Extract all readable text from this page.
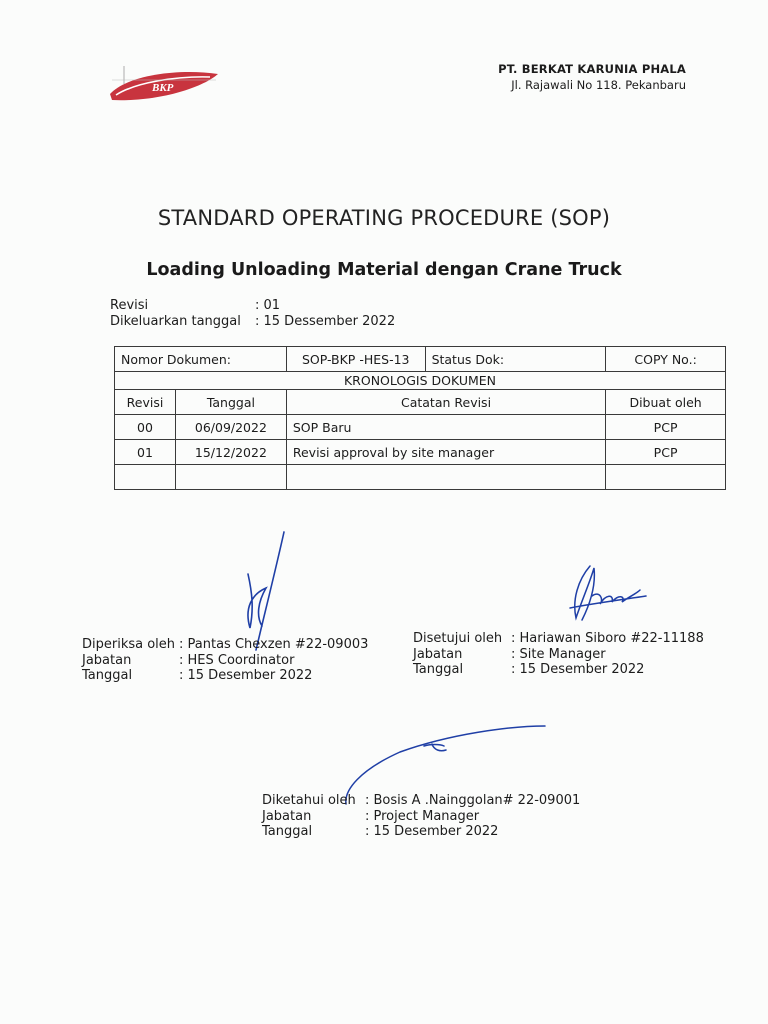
BKP
PT. BERKAT KARUNIA PHALA
Jl. Rajawali No 118. Pekanbaru
STANDARD OPERATING PROCEDURE (SOP)
Loading Unloading Material dengan Crane Truck
Revisi	: 01
Dikeluarkan tanggal	: 15 Dessember 2022
Nomor Dokumen:		SOP-BKP -HES-13	Status Dok:	COPY No.:
KRONOLOGIS DOKUMEN				
Revisi	Tanggal	Catatan Revisi		Dibuat oleh
00	06/09/2022	SOP Baru		PCP
01	15/12/2022	Revisi approval by site manager		PCP

Diperiksa oleh : Pantas Chexzen #22-09003
Jabatan	: HES Coordinator
Tanggal	: 15 Desember 2022
Disetujui oleh : Hariawan Siboro #22-11188
Jabatan	: Site Manager
Tanggal	: 15 Desember 2022
Diketahui oleh : Bosis A .Nainggolan# 22-09001
Jabatan	: Project Manager
Tanggal	: 15 Desember 2022
